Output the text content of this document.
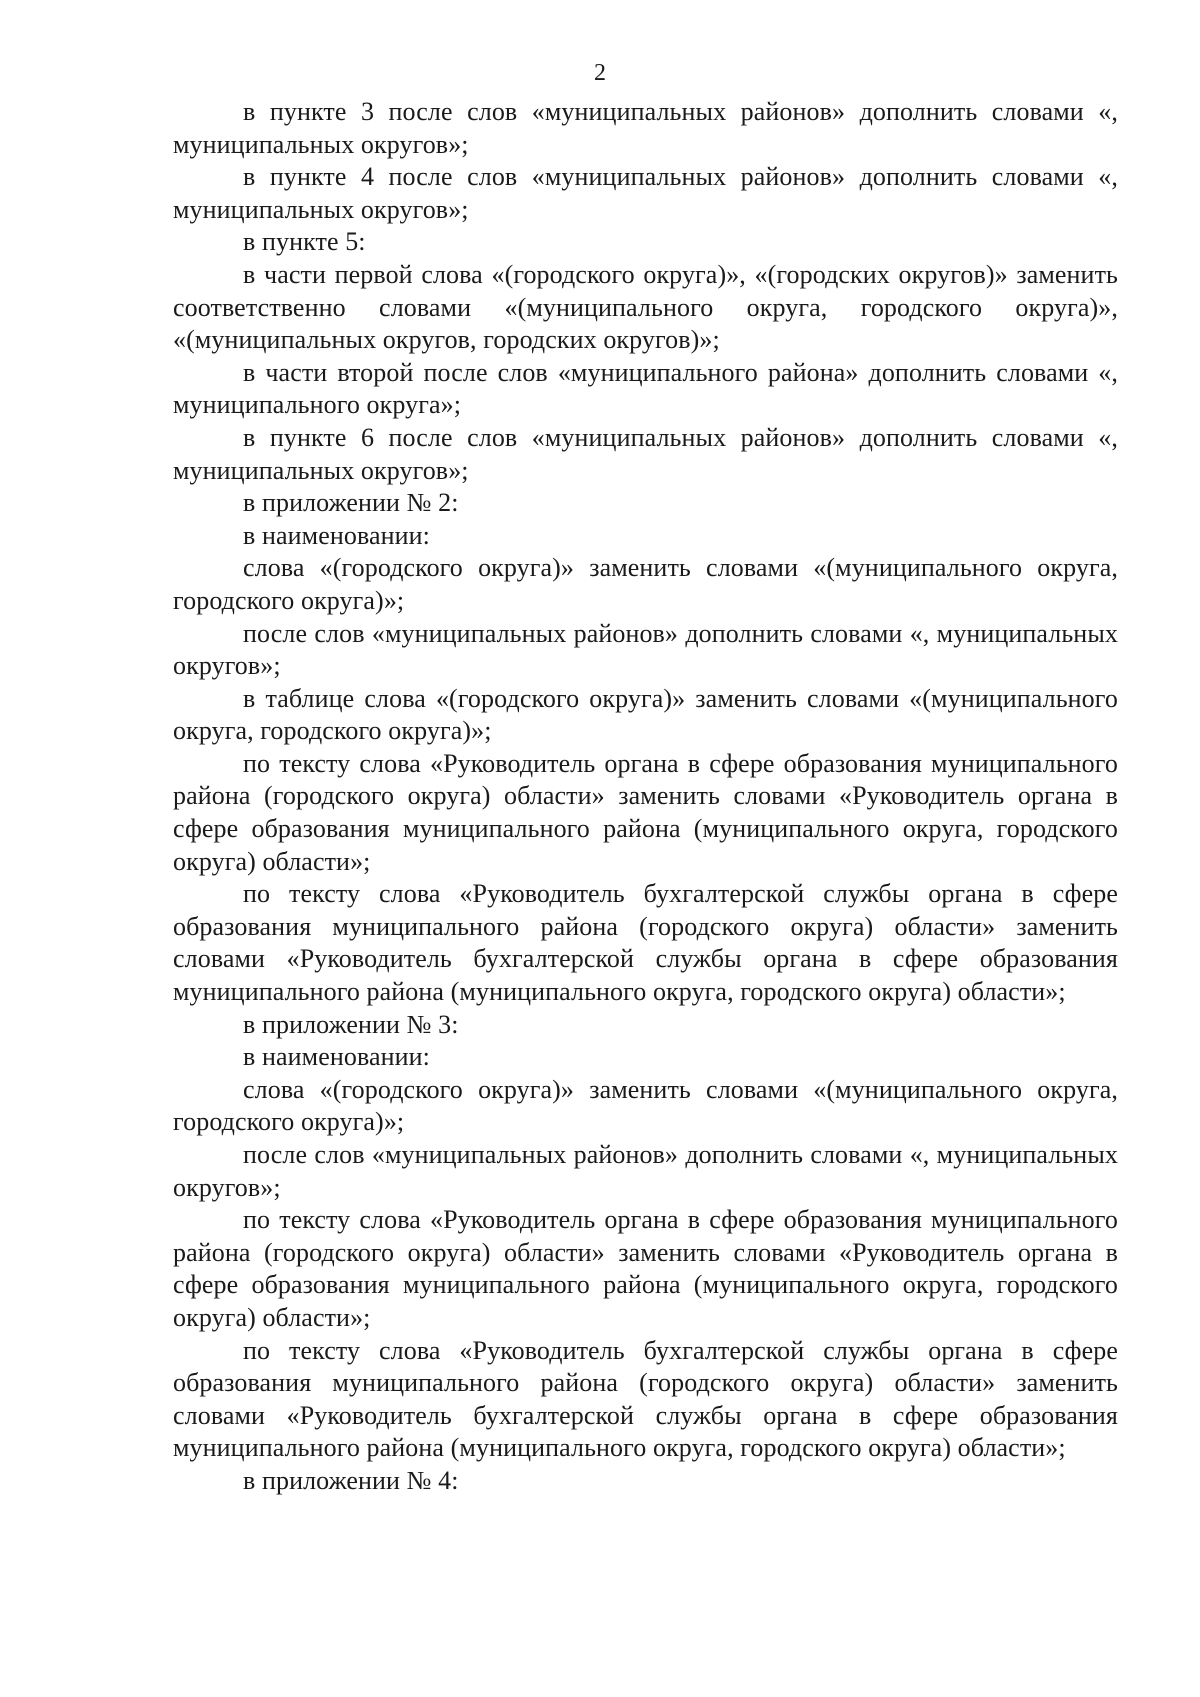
2

в пункте 3 после слов «муниципальных районов» дополнить словами «, муниципальных округов»;

в пункте 4 после слов «муниципальных районов» дополнить словами «, муниципальных округов»;

в пункте 5:

в части первой слова «(городского округа)», «(городских округов)» заменить соответственно словами «(муниципального округа, городского округа)», «(муниципальных округов, городских округов)»;

в части второй после слов «муниципального района» дополнить словами «, муниципального округа»;

в пункте 6 после слов «муниципальных районов» дополнить словами «, муниципальных округов»;

в приложении № 2:

в наименовании:

слова «(городского округа)» заменить словами «(муниципального округа, городского округа)»;

после слов «муниципальных районов» дополнить словами «, муниципальных округов»;

в таблице слова «(городского округа)» заменить словами «(муниципального округа, городского округа)»;

по тексту слова «Руководитель органа в сфере образования муниципального района (городского округа) области» заменить словами «Руководитель органа в сфере образования муниципального района (муниципального округа, городского округа) области»;

по тексту слова «Руководитель бухгалтерской службы органа в сфере образования муниципального района (городского округа) области» заменить словами «Руководитель бухгалтерской службы органа в сфере образования муниципального района (муниципального округа, городского округа) области»;

в приложении № 3:

в наименовании:

слова «(городского округа)» заменить словами «(муниципального округа, городского округа)»;

после слов «муниципальных районов» дополнить словами «, муниципальных округов»;

по тексту слова «Руководитель органа в сфере образования муниципального района (городского округа) области» заменить словами «Руководитель органа в сфере образования муниципального района (муниципального округа, городского округа) области»;

по тексту слова «Руководитель бухгалтерской службы органа в сфере образования муниципального района (городского округа) области» заменить словами «Руководитель бухгалтерской службы органа в сфере образования муниципального района (муниципального округа, городского округа) области»;

в приложении № 4:
